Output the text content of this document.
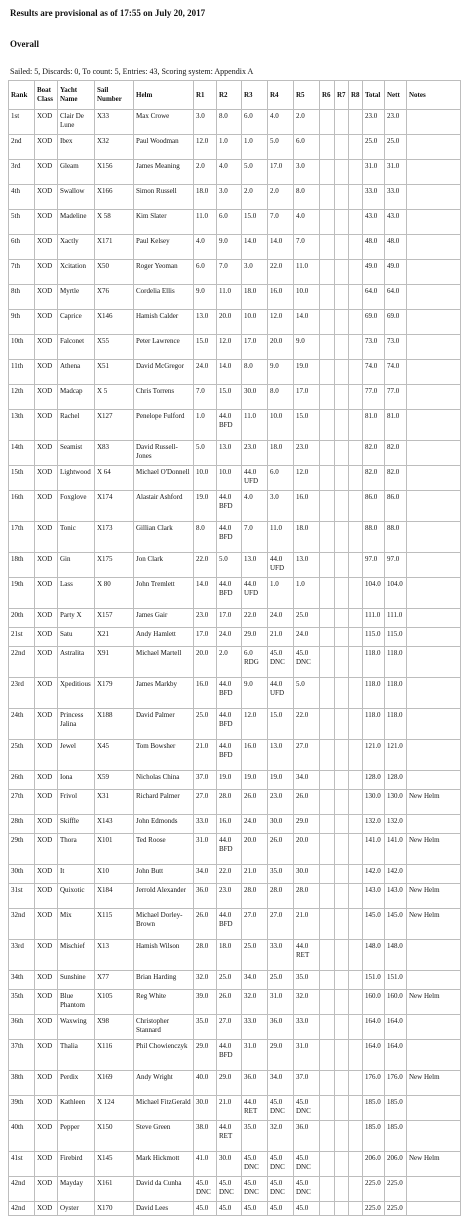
Results are provisional as of 17:55 on July 20, 2017
Overall
Sailed: 5, Discards: 0, To count: 5, Entries: 43, Scoring system: Appendix A
Rank	Boat Class	Yacht Name	Sail Number	Helm	R1	R2	R3	R4	R5	R6	R7	R8	Total	Nett	Notes
1st	XOD	Clair De Lune	X33	Max Crowe	3.0	8.0	6.0	4.0	2.0				23.0	23.0	
2nd	XOD	Ibex	X32	Paul Woodman	12.0	1.0	1.0	5.0	6.0				25.0	25.0	
3rd	XOD	Gleam	X156	James Meaning	2.0	4.0	5.0	17.0	3.0				31.0	31.0	
4th	XOD	Swallow	X166	Simon Russell	18.0	3.0	2.0	2.0	8.0				33.0	33.0	
5th	XOD	Madeline	X 58	Kim Slater	11.0	6.0	15.0	7.0	4.0				43.0	43.0	
6th	XOD	Xactly	X171	Paul Kelsey	4.0	9.0	14.0	14.0	7.0				48.0	48.0	
7th	XOD	Xcitation	X50	Roger Yeoman	6.0	7.0	3.0	22.0	11.0				49.0	49.0	
8th	XOD	Myrtle	X76	Cordelia Ellis	9.0	11.0	18.0	16.0	10.0				64.0	64.0	
9th	XOD	Caprice	X146	Hamish Calder	13.0	20.0	10.0	12.0	14.0				69.0	69.0	
10th	XOD	Falconet	X55	Peter Lawrence	15.0	12.0	17.0	20.0	9.0				73.0	73.0	
11th	XOD	Athena	X51	David McGregor	24.0	14.0	8.0	9.0	19.0				74.0	74.0	
12th	XOD	Madcap	X 5	Chris Torrens	7.0	15.0	30.0	8.0	17.0				77.0	77.0	
13th	XOD	Rachel	X127	Penelope Fulford	1.0	44.0 BFD	11.0	10.0	15.0				81.0	81.0	
14th	XOD	Seamist	X83	David Russell-Jones	5.0	13.0	23.0	18.0	23.0				82.0	82.0	
15th	XOD	Lightwood	X 64	Michael O'Donnell	10.0	10.0	44.0 UFD	6.0	12.0				82.0	82.0	
16th	XOD	Foxglove	X174	Alastair Ashford	19.0	44.0 BFD	4.0	3.0	16.0				86.0	86.0	
17th	XOD	Tonic	X173	Gillian Clark	8.0	44.0 BFD	7.0	11.0	18.0				88.0	88.0	
18th	XOD	Gin	X175	Jon Clark	22.0	5.0	13.0	44.0 UFD	13.0				97.0	97.0	
19th	XOD	Lass	X 80	John Tremlett	14.0	44.0 BFD	44.0 UFD	1.0	1.0				104.0	104.0	
20th	XOD	Party X	X157	James Gair	23.0	17.0	22.0	24.0	25.0				111.0	111.0	
21st	XOD	Satu	X21	Andy Hamlett	17.0	24.0	29.0	21.0	24.0				115.0	115.0	
22nd	XOD	Astralita	X91	Michael Martell	20.0	2.0	6.0 RDG	45.0 DNC	45.0 DNC				118.0	118.0	
23rd	XOD	Xpeditious	X179	James Markby	16.0	44.0 BFD	9.0	44.0 UFD	5.0				118.0	118.0	
24th	XOD	Princess Jalina	X188	David Palmer	25.0	44.0 BFD	12.0	15.0	22.0				118.0	118.0	
25th	XOD	Jewel	X45	Tom Bowsher	21.0	44.0 BFD	16.0	13.0	27.0				121.0	121.0	
26th	XOD	Iona	X59	Nicholas China	37.0	19.0	19.0	19.0	34.0				128.0	128.0	
27th	XOD	Frivol	X31	Richard Palmer	27.0	28.0	26.0	23.0	26.0				130.0	130.0	New Helm
28th	XOD	Skiffle	X143	John Edmonds	33.0	16.0	24.0	30.0	29.0				132.0	132.0	
29th	XOD	Thora	X101	Ted Roose	31.0	44.0 BFD	20.0	26.0	20.0				141.0	141.0	New Helm
30th	XOD	It	X10	John Butt	34.0	22.0	21.0	35.0	30.0				142.0	142.0	
31st	XOD	Quixotic	X184	Jerrold Alexander	36.0	23.0	28.0	28.0	28.0				143.0	143.0	New Helm
32nd	XOD	Mix	X115	Michael Dorley-Brown	26.0	44.0 BFD	27.0	27.0	21.0				145.0	145.0	New Helm
33rd	XOD	Mischief	X13	Hamish Wilson	28.0	18.0	25.0	33.0	44.0 RET				148.0	148.0	
34th	XOD	Sunshine	X77	Brian Harding	32.0	25.0	34.0	25.0	35.0				151.0	151.0	
35th	XOD	Blue Phantom	X105	Reg White	39.0	26.0	32.0	31.0	32.0				160.0	160.0	New Helm
36th	XOD	Waxwing	X98	Christopher Stannard	35.0	27.0	33.0	36.0	33.0				164.0	164.0	
37th	XOD	Thalia	X116	Phil Chowienczyk	29.0	44.0 BFD	31.0	29.0	31.0				164.0	164.0	
38th	XOD	Perdix	X169	Andy Wright	40.0	29.0	36.0	34.0	37.0				176.0	176.0	New Helm
39th	XOD	Kathleen	X 124	Michael FitzGerald	30.0	21.0	44.0 RET	45.0 DNC	45.0 DNC				185.0	185.0	
40th	XOD	Pepper	X150	Steve Green	38.0	44.0 RET	35.0	32.0	36.0				185.0	185.0	
41st	XOD	Firebird	X145	Mark Hickmott	41.0	30.0	45.0 DNC	45.0 DNC	45.0 DNC				206.0	206.0	New Helm
42nd	XOD	Mayday	X161	David da Cunha	45.0 DNC	45.0 DNC	45.0 DNC	45.0 DNC	45.0 DNC				225.0	225.0	
42nd	XOD	Oyster	X170	David Lees	45.0	45.0	45.0	45.0	45.0				225.0	225.0	
